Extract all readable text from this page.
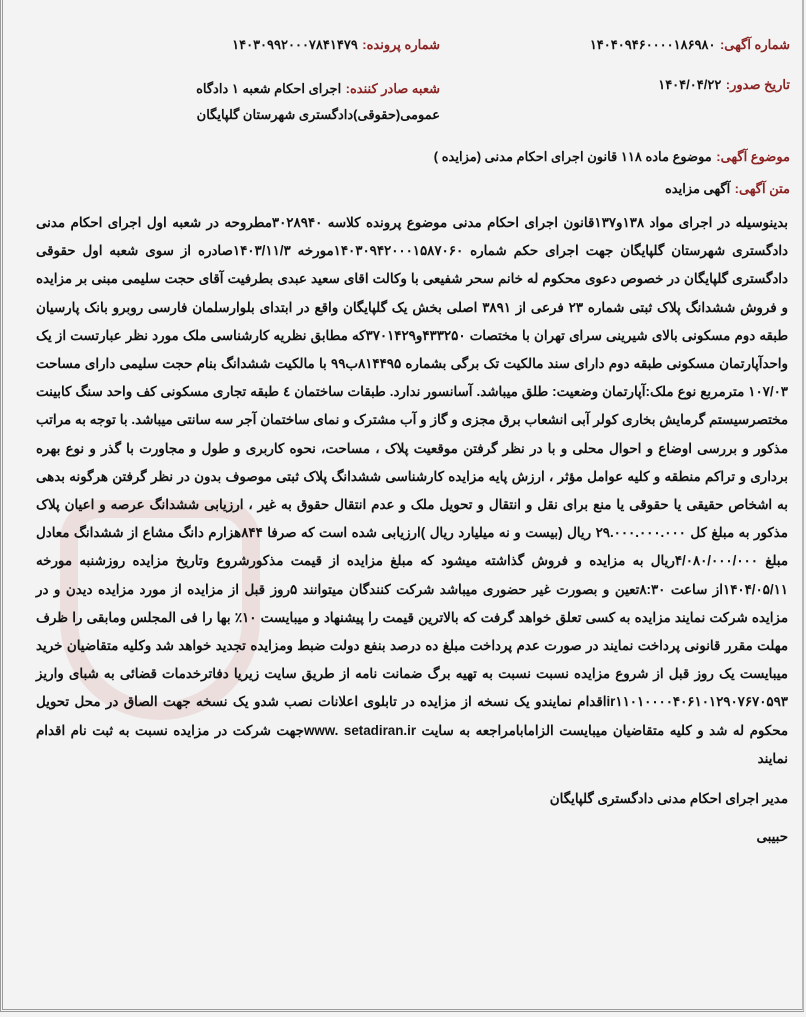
شماره آگهی: ۱۴۰۴۰۹۴۶۰۰۰۰۱۸۶۹۸۰
شماره پرونده: ۱۴۰۳۰۹۹۲۰۰۰۷۸۴۱۴۷۹
تاریخ صدور: ۱۴۰۴/۰۴/۲۲
شعبه صادر کننده: اجرای احکام شعبه ۱ دادگاه عمومی(حقوقی)دادگستری شهرستان گلپایگان
موضوع آگهی: موضوع ماده ۱۱۸ قانون اجرای احکام مدنی (مزایده )
متن آگهی: آگهی مزایده
بدینوسیله در اجرای مواد ۱۳۸و۱۳۷قانون اجرای احکام مدنی موضوع پرونده کلاسه ۳۰۲۸۹۴۰مطروحه در شعبه اول اجرای احکام مدنی دادگستری شهرستان گلپایگان جهت اجرای حکم شماره ۱۴۰۳۰۹۴۲۰۰۰۱۵۸۷۰۶۰مورخه ۱۴۰۳/۱۱/۳صادره از سوی شعبه اول حقوقی دادگستری گلپایگان در خصوص دعوی محکوم له خانم سحر شفیعی با وکالت اقای سعید عبدی بطرفیت آقای حجت سلیمی مبنی بر مزایده و فروش ششدانگ پلاک ثبتی شماره ۲۳ فرعی از ۳۸۹۱ اصلی بخش یک گلپایگان واقع در ابتدای بلوارسلمان فارسی روبرو بانک پارسیان طبقه دوم مسکونی بالای شیرینی سرای تهران با مختصات ۴۳۳۲۵۰و۳۷۰۱۴۲۹که مطابق نظریه کارشناسی ملک مورد نظر عبارتست از یک واحدآپارتمان مسکونی طبقه دوم دارای سند مالکیت تک برگی بشماره ۸۱۴۴۹۵ب۹۹ با مالکیت ششدانگ بنام حجت سلیمی دارای مساحت ۱۰۷/۰۳ مترمربع نوع ملک:آپارتمان وضعیت: طلق میباشد. آسانسور ندارد. طبقات ساختمان ٤ طبقه تجاری مسکونی کف واحد سنگ کابینت مختصرسیستم گرمایش بخاری کولر آبی انشعاب برق مجزی و گاز و آب مشترک و نمای ساختمان آجر سه سانتی میباشد. با توجه به مراتب مذکور و بررسی اوضاع و احوال محلی و با در نظر گرفتن موقعیت پلاک ، مساحت، نحوه کاربری و طول و مجاورت با گذر و نوع بهره برداری و تراکم منطقه و کلیه عوامل مؤثر ، ارزش پایه مزایده کارشناسی ششدانگ پلاک ثبتی موصوف بدون در نظر گرفتن هرگونه بدهی به اشخاص حقیقی یا حقوقی یا منع برای نقل و انتقال و تحویل ملک و عدم انتقال حقوق به غیر ، ارزیابی ششدانگ عرصه و اعیان پلاک مذکور به مبلغ کل ۲۹.۰۰۰.۰۰۰.۰۰۰ ریال (بیست و نه میلیارد ریال )ارزیابی شده است که صرفا ۸۴۴هزارم دانگ مشاع از ششدانگ معادل مبلغ ۴/۰۸۰/۰۰۰/۰۰۰ریال به مزایده و فروش گذاشته میشود که مبلغ مزایده از قیمت مذکورشروع وتاریخ مزایده روزشنبه مورخه ۱۴۰۴/۰۵/۱۱از ساعت ۸:۳۰تعین و بصورت غیر حضوری میباشد شرکت کنندگان میتوانند ۵روز قبل از مزایده از مورد مزایده دیدن و در مزایده شرکت نمایند مزایده به کسی تعلق خواهد گرفت که بالاترین قیمت را پیشنهاد و میبایست ۱۰٪ بها را فی المجلس ومابقی را ظرف مهلت مقرر قانونی پرداخت نمایند در صورت عدم پرداخت مبلغ ده درصد بنفع دولت ضبط ومزایده تجدید خواهد شد وکلیه متقاضیان خرید میبایست یک روز قبل از شروع مزایده نسبت نسبت به تهیه برگ ضمانت نامه از طریق سایت زیریا دفاترخدمات قضائی به شبای واریز ir۱۱۰۱۰۰۰۰۴۰۶۱۰۱۲۹۰۷۶۷۰۵۹۳اقدام نمایندو یک نسخه از مزایده در تابلوی اعلانات نصب شدو یک نسخه جهت الصاق در محل تحویل محکوم له شد و کلیه متقاضیان میبایست الزامابامراجعه به سایت www. setadiran.irجهت شرکت در مزایده نسبت به ثبت نام اقدام نمایند
مدیر اجرای احکام مدنی دادگستری گلپایگان
حبیبی
